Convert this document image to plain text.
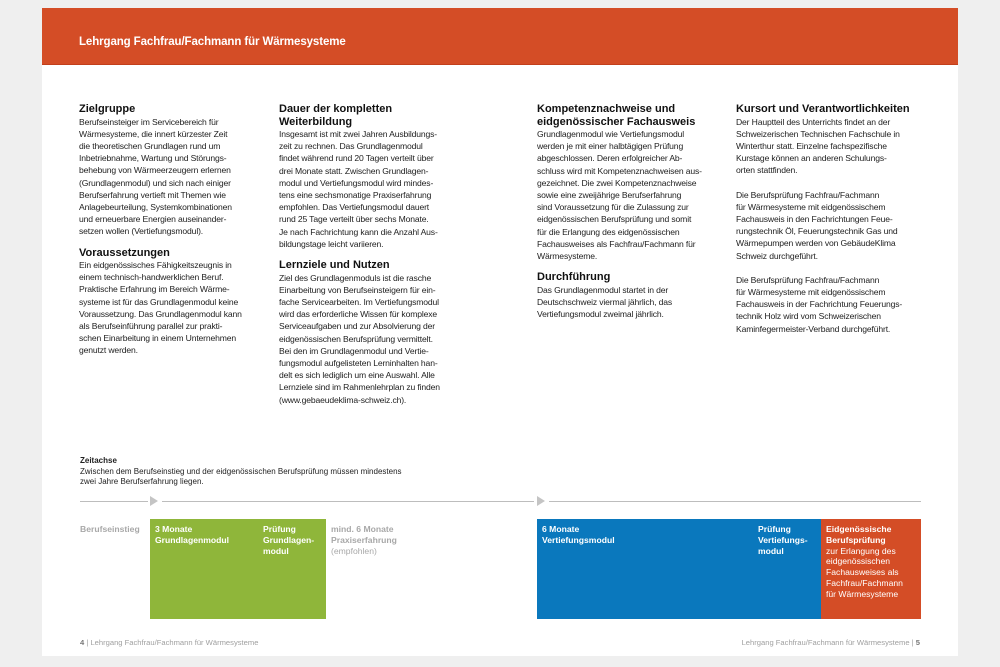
Lehrgang Fachfrau/Fachmann für Wärmesysteme
Zielgruppe

Berufseinsteiger im Servicebereich für
Wärmesysteme, die innert kürzester Zeit
die theoretischen Grundlagen rund um
Inbetriebnahme, Wartung und Störungs-
behebung von Wärmeerzeugern erlernen
(Grundlagenmodul) und sich nach einiger
Berufserfahrung vertieft mit Themen wie
Anlagebeurteilung, Systemkombinationen
und erneuerbare Energien auseinander-
setzen wollen (Vertiefungsmodul).

Voraussetzungen

Ein eidgenössisches Fähigkeitszeugnis in
einem technisch-handwerklichen Beruf.
Praktische Erfahrung im Bereich Wärme-
systeme ist für das Grundlagenmodul keine
Voraussetzung. Das Grundlagenmodul kann
als Berufseinführung parallel zur prakti-
schen Einarbeitung in einem Unternehmen
genutzt werden.

Dauer der kompletten
Weiterbildung

Insgesamt ist mit zwei Jahren Ausbildungs-
zeit zu rechnen. Das Grundlagenmodul
findet während rund 20 Tagen verteilt über
drei Monate statt. Zwischen Grundlagen-
modul und Vertiefungsmodul wird mindes-
tens eine sechsmonatige Praxiserfahrung
empfohlen. Das Vertiefungsmodul dauert
rund 25 Tage verteilt über sechs Monate.
Je nach Fachrichtung kann die Anzahl Aus-
bildungstage leicht variieren.

Lernziele und Nutzen

Ziel des Grundlagenmoduls ist die rasche
Einarbeitung von Berufseinsteigern für ein-
fache Servicearbeiten. Im Vertiefungsmodul
wird das erforderliche Wissen für komplexe
Serviceaufgaben und zur Absolvierung der
eidgenössischen Berufsprüfung vermittelt.
Bei den im Grundlagenmodul und Vertie-
fungsmodul aufgelisteten Lerninhalten han-
delt es sich lediglich um eine Auswahl. Alle
Lernziele sind im Rahmenlehrplan zu finden
(www.gebaeudeklima-schweiz.ch).

Kompetenznachweise und
eidgenössischer Fachausweis

Grundlagenmodul wie Vertiefungsmodul
werden je mit einer halbtägigen Prüfung
abgeschlossen. Deren erfolgreicher Ab-
schluss wird mit Kompetenznachweisen aus-
gezeichnet. Die zwei Kompetenznachweise
sowie eine zweijährige Berufserfahrung
sind Voraussetzung für die Zulassung zur
eidgenössischen Berufsprüfung und somit
für die Erlangung des eidgenössischen
Fachausweises als Fachfrau/Fachmann für
Wärmesysteme.

Durchführung

Das Grundlagenmodul startet in der
Deutschschweiz viermal jährlich, das
Vertiefungsmodul zweimal jährlich.

Kursort und Verantwortlichkeiten

Der Hauptteil des Unterrichts findet an der
Schweizerischen Technischen Fachschule in
Winterthur statt. Einzelne fachspezifische
Kurstage können an anderen Schulungs-
orten stattfinden.

Die Berufsprüfung Fachfrau/Fachmann
für Wärmesysteme mit eidgenössischem
Fachausweis in den Fachrichtungen Feue-
rungstechnik Öl, Feuerungstechnik Gas und
Wärmepumpen werden von GebäudeKlima
Schweiz durchgeführt.

Die Berufsprüfung Fachfrau/Fachmann
für Wärmesysteme mit eidgenössischem
Fachausweis in der Fachrichtung Feuerungs-
technik Holz wird vom Schweizerischen
Kaminfegermeister-Verband durchgeführt.

Zeitachse
Zwischen dem Berufseinstieg und der eidgenössischen Berufsprüfung müssen mindestens
zwei Jahre Berufserfahrung liegen.
Berufseinstieg 3 Monate
Grundlagenmodul
Prüfung
Grundlagen-
modul
mind. 6 Monate
Praxiserfahrung
(empfohlen)
6 Monate
Vertiefungsmodul
Prüfung
Vertiefungs-
modul
Eidgenössische
Berufsprüfung
zur Erlangung des
eidgenössischen
Fachausweises als
Fachfrau/Fachmann
für Wärmesysteme
4 | Lehrgang Fachfrau/Fachmann für Wärmesysteme	Lehrgang Fachfrau/Fachmann für Wärmesysteme | 5
